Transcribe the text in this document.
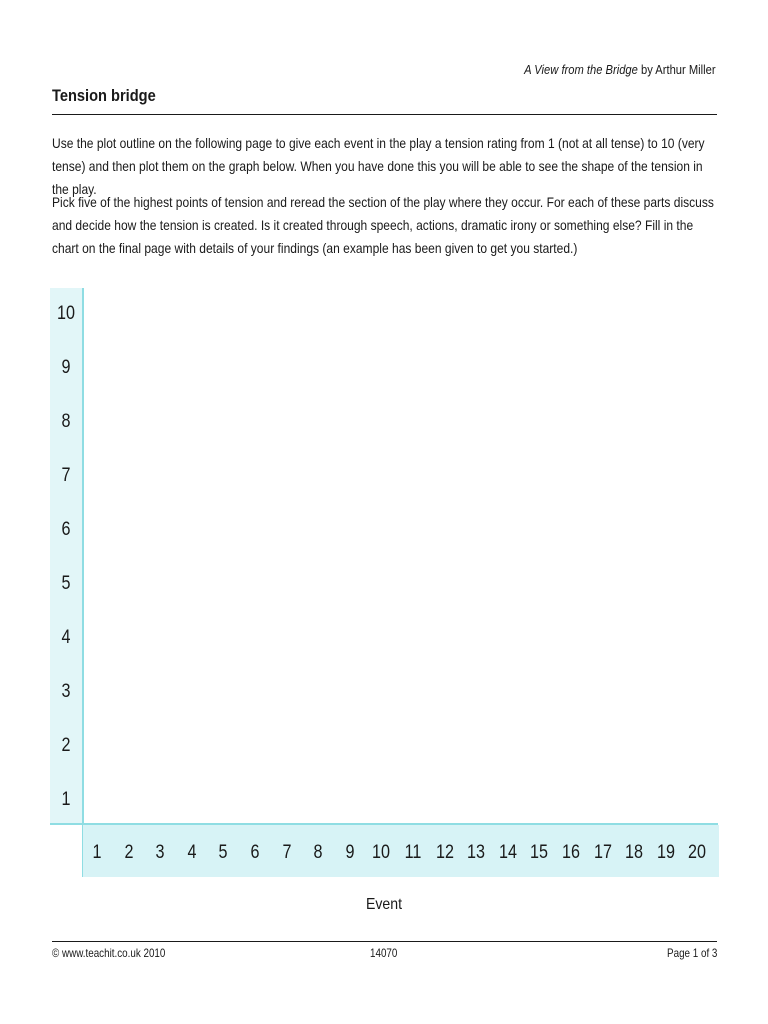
A View from the Bridge by Arthur Miller
Tension bridge
Use the plot outline on the following page to give each event in the play a tension rating from 1 (not at all tense) to 10 (very tense) and then plot them on the graph below. When you have done this you will be able to see the shape of the tension in the play.
Pick five of the highest points of tension and reread the section of the play where they occur. For each of these parts discuss and decide how the tension is created. Is it created through speech, actions, dramatic irony or something else? Fill in the chart on the final page with details of your findings (an example has been given to get you started.)
10
9
8
7
6
5
4
3
2
1
1	2	3	4	5	6	7	8	9 10 11 12 13 14 15 16 17 18 19 20
Event
© www.teachit.co.uk 2010	14070	Page 1 of 3
